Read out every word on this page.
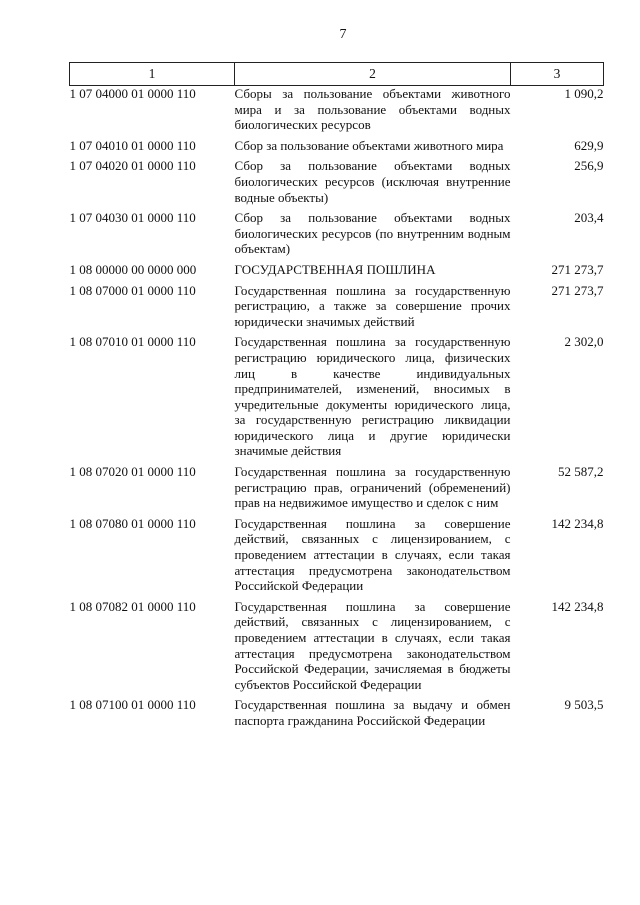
7
1	2	3
1 07 04000 01 0000 110	Сборы за пользование объектами животного мира и за пользование объектами водных биологических ресурсов	1 090,2
1 07 04010 01 0000 110	Сбор за пользование объектами животного мира	629,9
1 07 04020 01 0000 110	Сбор за пользование объектами водных биологических ресурсов (исключая внутренние водные объекты)	256,9
1 07 04030 01 0000 110	Сбор за пользование объектами водных биологических ресурсов (по внутренним водным объектам)	203,4
1 08 00000 00 0000 000	ГОСУДАРСТВЕННАЯ ПОШЛИНА	271 273,7
1 08 07000 01 0000 110	Государственная пошлина за государственную регистрацию, а также за совершение прочих юридически значимых действий	271 273,7
1 08 07010 01 0000 110	Государственная пошлина за государственную регистрацию юридического лица, физических лиц в качестве индивидуальных предпринимателей, изменений, вносимых в учредительные документы юридического лица, за государственную регистрацию ликвидации юридического лица и другие юридически значимые действия	2 302,0
1 08 07020 01 0000 110	Государственная пошлина за государственную регистрацию прав, ограничений (обременений) прав на недвижимое имущество и сделок с ним	52 587,2
1 08 07080 01 0000 110	Государственная пошлина за совершение действий, связанных с лицензированием, с проведением аттестации в случаях, если такая аттестация предусмотрена законодательством Российской Федерации	142 234,8
1 08 07082 01 0000 110	Государственная пошлина за совершение действий, связанных с лицензированием, с проведением аттестации в случаях, если такая аттестация предусмотрена законодательством Российской Федерации, зачисляемая в бюджеты субъектов Российской Федерации	142 234,8
1 08 07100 01 0000 110	Государственная пошлина за выдачу и обмен паспорта гражданина Российской Федерации	9 503,5
